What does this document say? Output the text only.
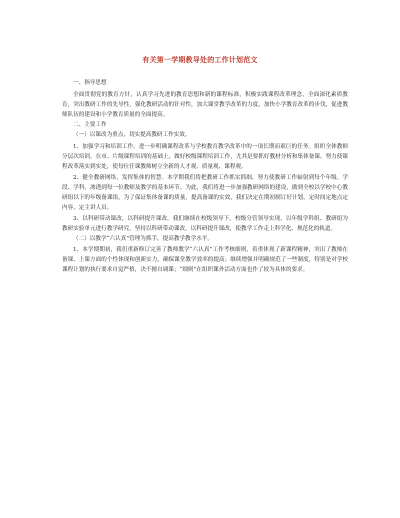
有关第一学期教导处的工作计划范文

一、指导思想

全面贯彻党的教育方针，认真学习先进的教育思想和新的课程标准，积极实践课程改革理念，全面深化素质教育，突出教研工作的先导性，强化教研活动的针对性，加大课堂教学改革的力度，加快小学教育改革的步伐，促进教师队伍的建设和小学教育质量的全面提高。

二、主要工作

（一）以课改为重点，切实提高教研工作实效。

1、加强学习和培训工作。进一步明确课程改革与学校教育教学改革中的一项长期而艰巨的任务。组织全体教师分层次培训，在市、片级课程培训的基础上，做好校级课程培训工作，尤其是要抓好教材分析和集体备课，努力使课程改革落实到实处，使每位任课教师树立全新的人才观、质量观、课程观。

2、健全教研网络，发挥集体的智慧。本学期我们将把教研工作抓实抓细，努力使教研工作辐射到每个年级、学段、学科，渗透到每一位教师及教学的基本环节。为此，我们将进一步加强教研网络的建设，做到全校以学校中心教研组以下的年级备课组，为了保证集体备课的质量，提高备课的实效，我们决定在期初制订好计划，定时间定地点定内容，定主讲人员。

3、以科研带动课改，以科研提升课改。我们继续在校级领导下，校级分管领导实现，以年级学科组、教研组为教研实验单元进行教学研究，坚持以科研带动课改，以科研提升课改，使教学工作走上科学化、规范化的轨道。

（二）以教学“六认真”管理为抓手，提高教学教学水平。

1、本学期期初，我们重新修订完善了教师教学“六认真”工作考核细则，着重体现了新课程精神，突出了教师在备课、上课方面的个性体现和创新实力，确保课堂教学效率的提高；继续增强并明确规范了一些制度，特别是对学校课程计划的执行要求自觉严格，决不擅自调课；“细则”在组织课外活动方面也作了较为具体的要求。
